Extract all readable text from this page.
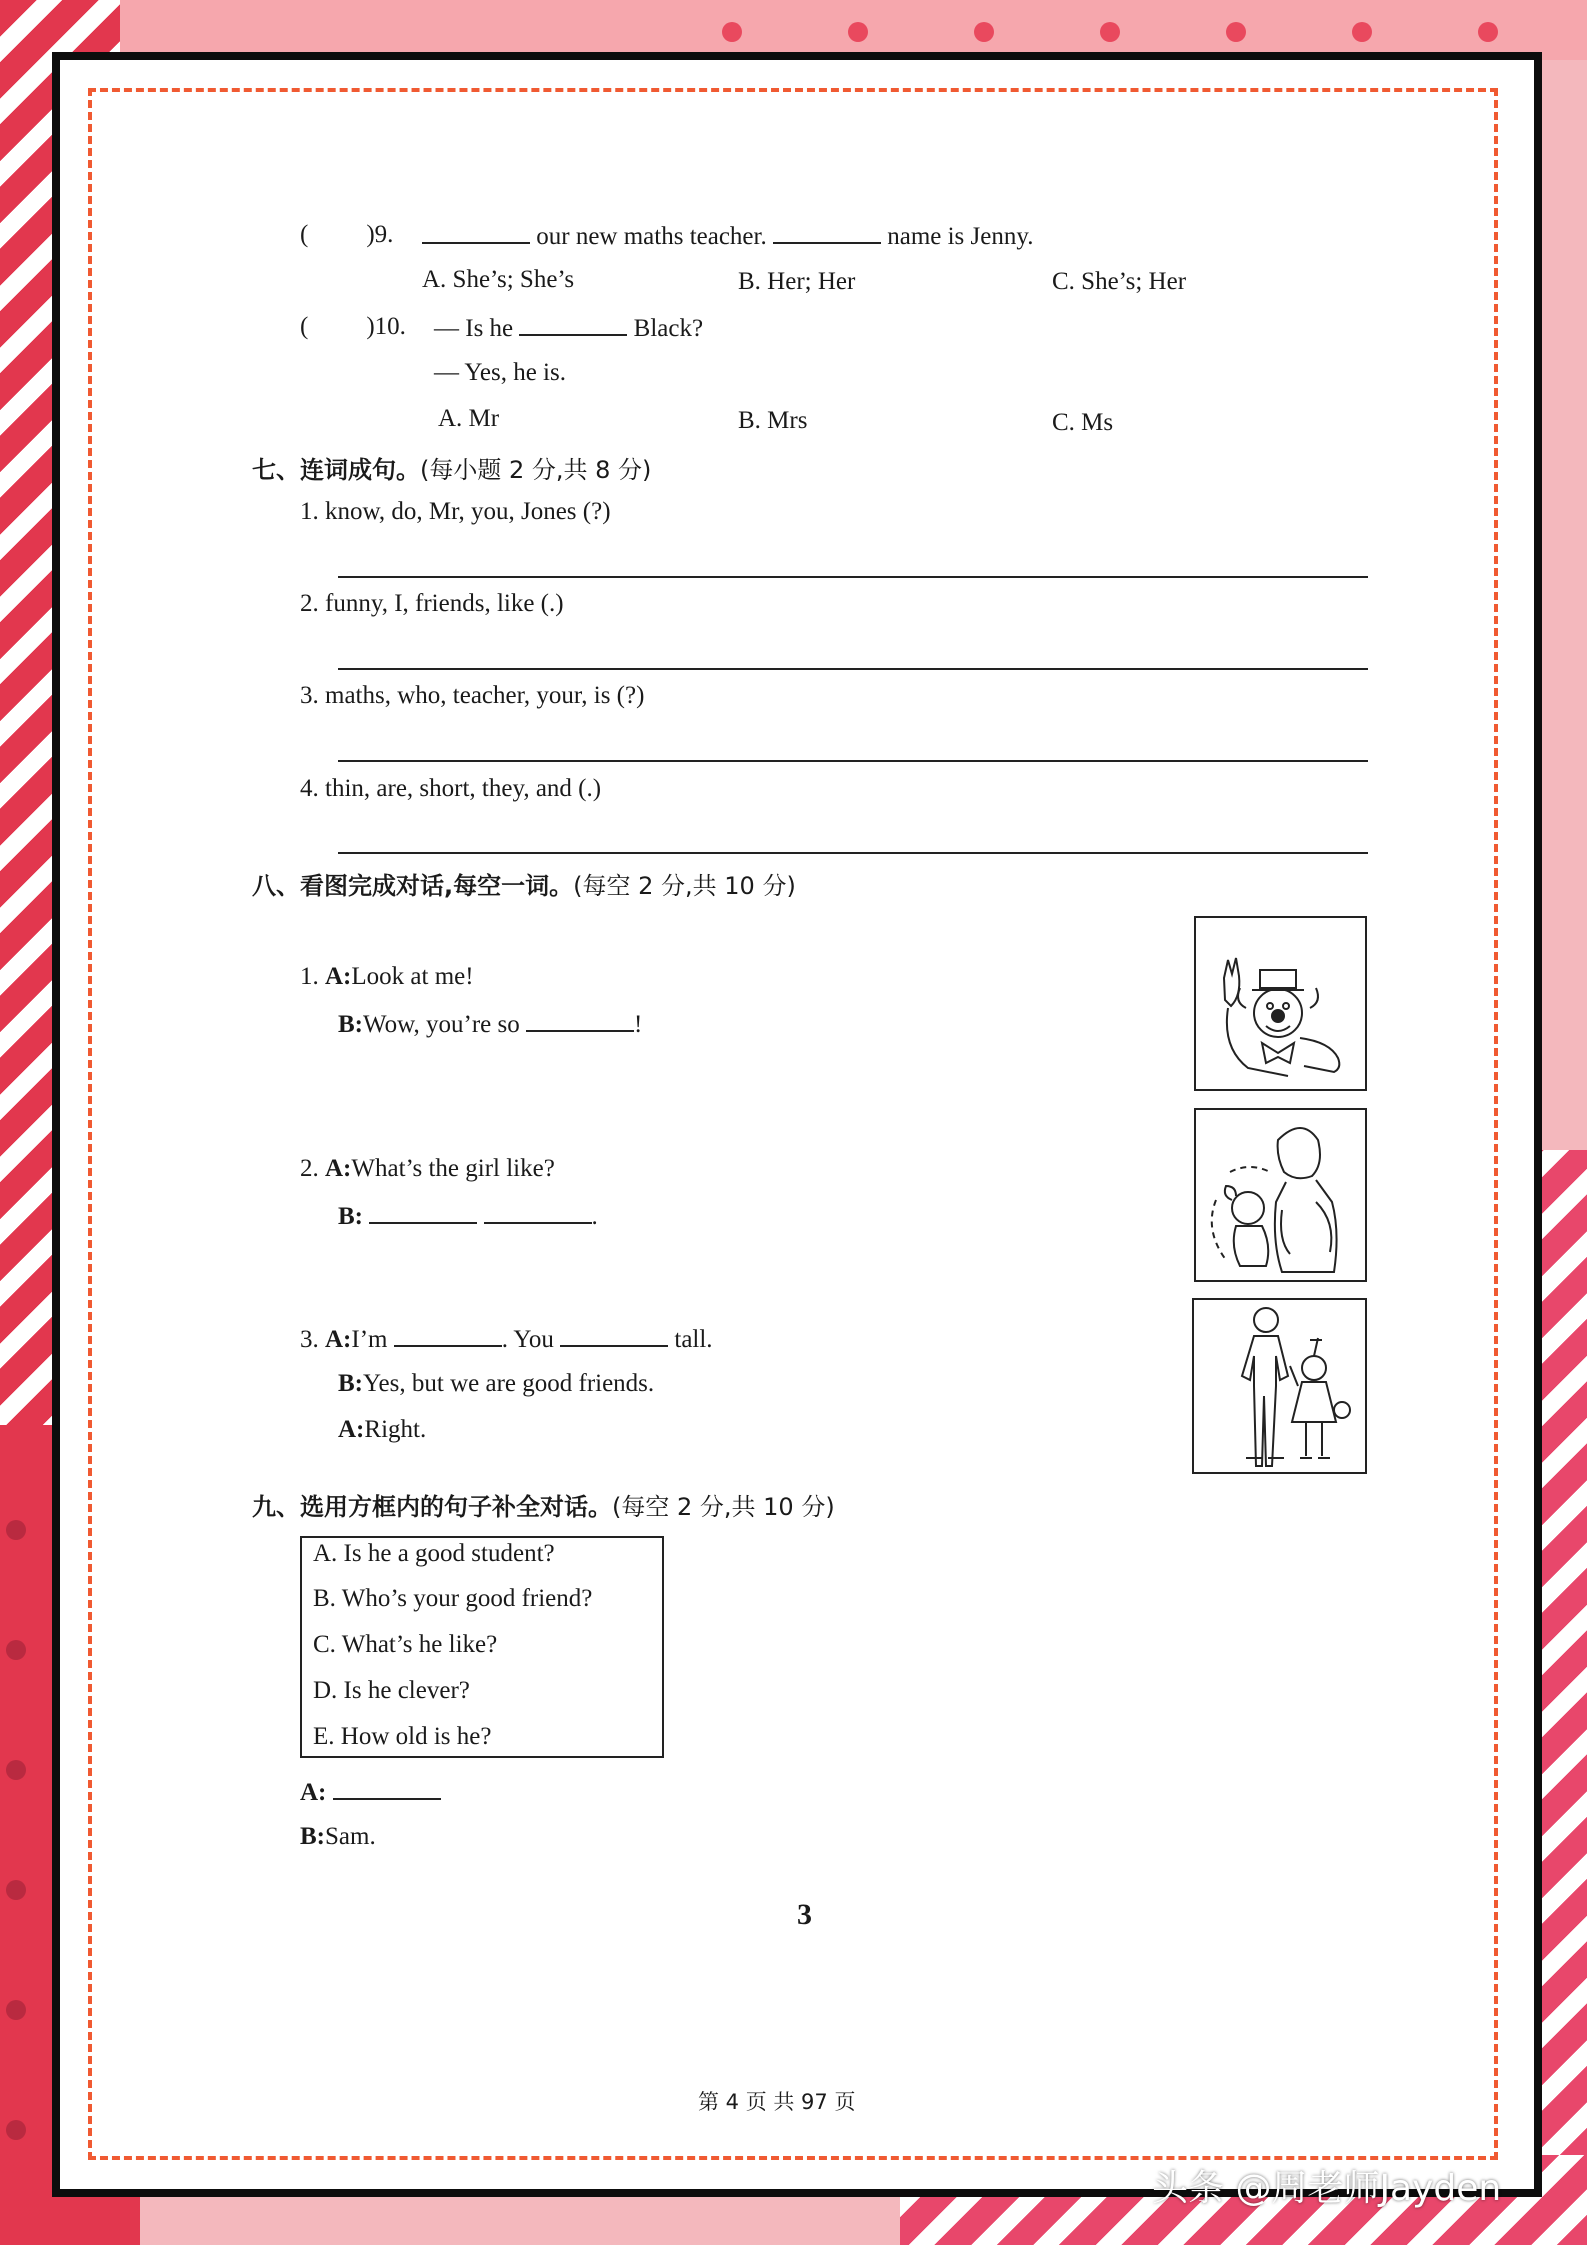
( )9.	our new maths teacher.	name is Jenny.
A. She’s; She’s	B. Her; Her	C. She’s; Her
( )10. — Is he	Black?
— Yes, he is.
A. Mr	B. Mrs	C. Ms
七、连词成句。(每小题 2 分,共 8 分)
1. know, do, Mr, you, Jones (?)
2. funny, I, friends, like (.)
3. maths, who, teacher, your, is (?)
4. thin, are, short, they, and (.)
八、看图完成对话,每空一词。(每空 2 分,共 10 分)
1. A:Look at me!
B:Wow, you’re so	!
2. A:What’s the girl like?
B:	.
3. A:I’m	. You	tall.
B:Yes, but we are good friends.
A:Right.
九、选用方框内的句子补全对话。(每空 2 分,共 10 分)
A. Is he a good student?
B. Who’s your good friend?
C. What’s he like?
D. Is he clever?
E. How old is he?
A:
B:Sam.
3
第 4 页 共 97 页
头条 @周老师Jayden
